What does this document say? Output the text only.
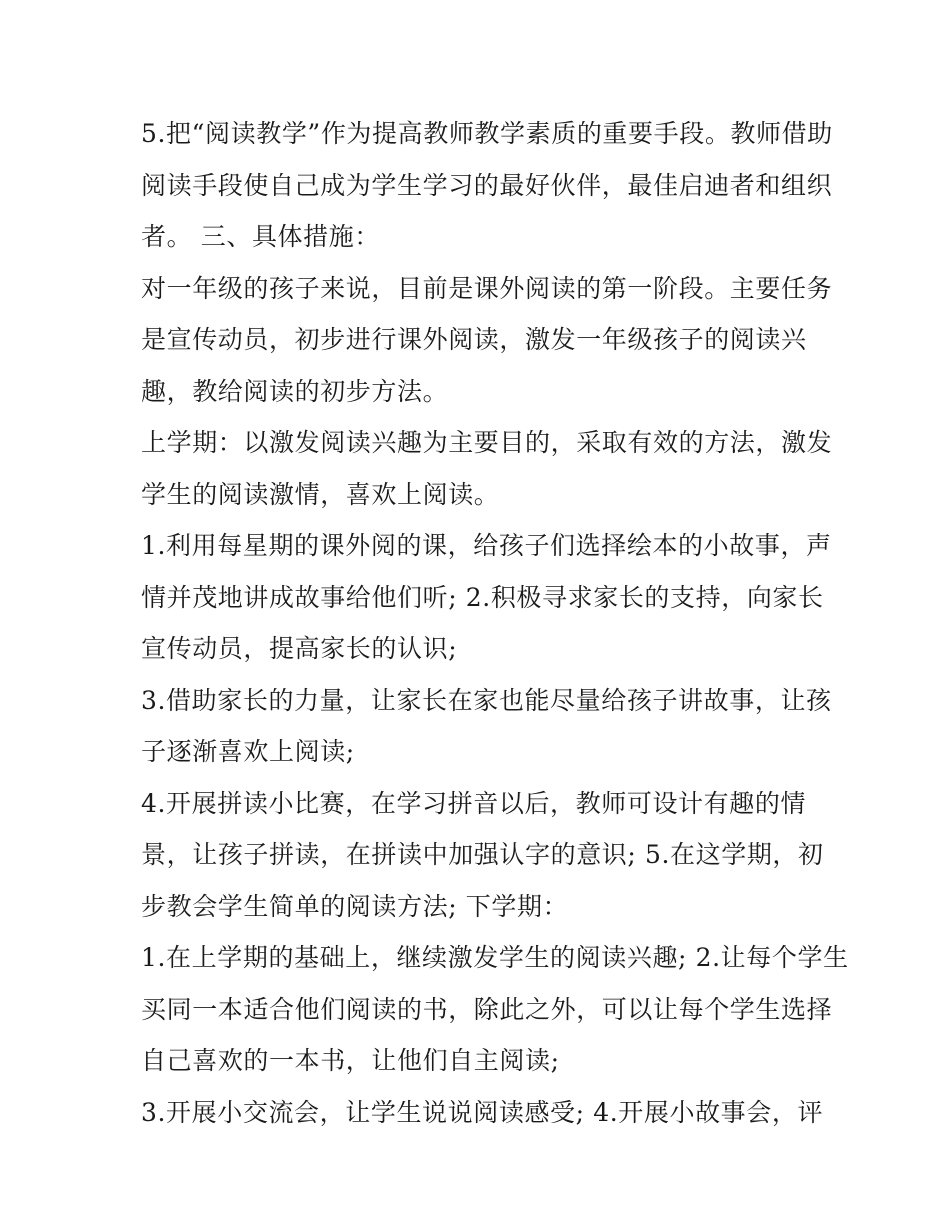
5.把“阅读教学”作为提高教师教学素质的重要手段。教师借助
阅读手段使自己成为学生学习的最好伙伴，最佳启迪者和组织
者。 三、具体措施：
对一年级的孩子来说，目前是课外阅读的第一阶段。主要任务
是宣传动员，初步进行课外阅读，激发一年级孩子的阅读兴
趣，教给阅读的初步方法。
上学期：以激发阅读兴趣为主要目的，采取有效的方法，激发
学生的阅读激情，喜欢上阅读。
1.利用每星期的课外阅的课，给孩子们选择绘本的小故事，声
情并茂地讲成故事给他们听; 2.积极寻求家长的支持，向家长
宣传动员，提高家长的认识;
3.借助家长的力量，让家长在家也能尽量给孩子讲故事，让孩
子逐渐喜欢上阅读;
4.开展拼读小比赛，在学习拼音以后，教师可设计有趣的情
景，让孩子拼读，在拼读中加强认字的意识; 5.在这学期，初
步教会学生简单的阅读方法; 下学期：
1.在上学期的基础上，继续激发学生的阅读兴趣; 2.让每个学生
买同一本适合他们阅读的书，除此之外，可以让每个学生选择
自己喜欢的一本书，让他们自主阅读;
3.开展小交流会，让学生说说阅读感受; 4.开展小故事会，评
